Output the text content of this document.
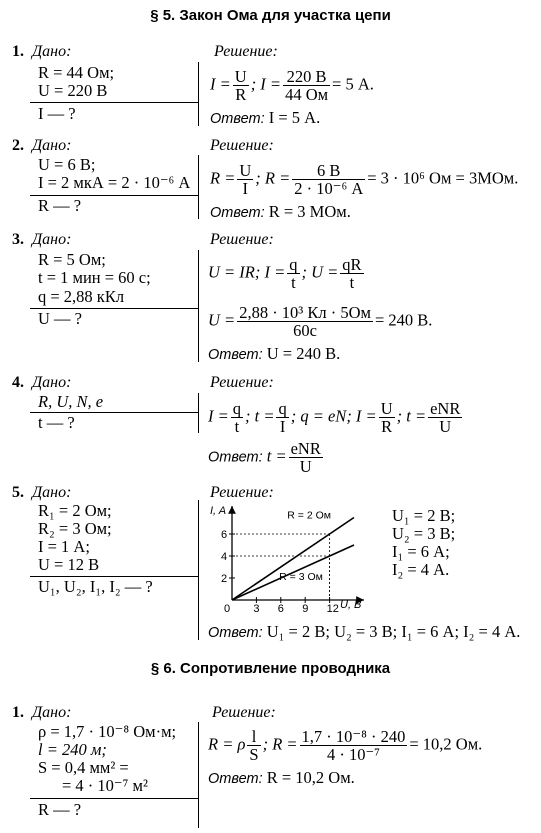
§ 5. Закон Ома для участка цепи
1. Дано:
R = 44 Ом;
U = 220 В
I — ?
Решение:
$I = \frac{U}{R}$ ; $I = \frac{220 В}{44 Ом} = 5$ А.
Ответ: I = 5 А.
2. Дано:
U = 6 В;
I = 2 мкА = 2 · 10⁻⁶ А
R — ?
Решение:
$R = \frac{U}{I}$ ; $R = \frac{6 В}{\text{2 · 10⁻⁶ А}} = 3 \cdot 10^6$ Ом = 3МОм.
Ответ: R = 3 МОм.
3. Дано:
R = 5 Ом;
t = 1 мин = 60 с;
q = 2,88 кКл
U — ?
Решение:
U = IR; $I = \frac{q}{t}$ ; $U = \frac{qR}{t}$
$U = \frac{\text{2,88 · 10³ Кл · 5Ом}}{60с} = 240$ В.
Ответ: U = 240 В.
4. Дано:
R, U, N, e
t — ?
Решение:
$I = \frac{q}{t}$ ; $t = \frac{q}{I}$ ; q = eN; $I = \frac{U}{R}$ ; $t = \frac{\text{eNR}}{U}$
Ответ: $t = \frac{\text{eNR}}{U}$
5. Дано:
R₁ = 2 Ом;
R₂ = 3 Ом;
I = 1 А;
U = 12 В
U₁, U₂, I₁, I₂ — ?
Решение:
I, A
U, В
0 3 6 9 12
2
4
6
R = 2 Ом
R = 3 Ом
U₁ = 2 В;
U₂ = 3 В;
I₁ = 6 А;
I₂ = 4 А.
Ответ: U₁ = 2 В; U₂ = 3 В; I₁ = 6 А; I₂ = 4 А.
§ 6. Сопротивление проводника
1. Дано:
ρ = 1,7 · 10⁻⁸ Ом·м;
l = 240 м;
S = 0,4 мм² =
= 4 · 10⁻⁷ м²
R — ?
Решение:
R = ρ $\frac{l}{S}$ ; $R = \frac{\text{1,7 · 10⁻⁸ · 240}}{\text{4 · 10⁻⁷}} = 10,2$ Ом.
Ответ: R = 10,2 Ом.
